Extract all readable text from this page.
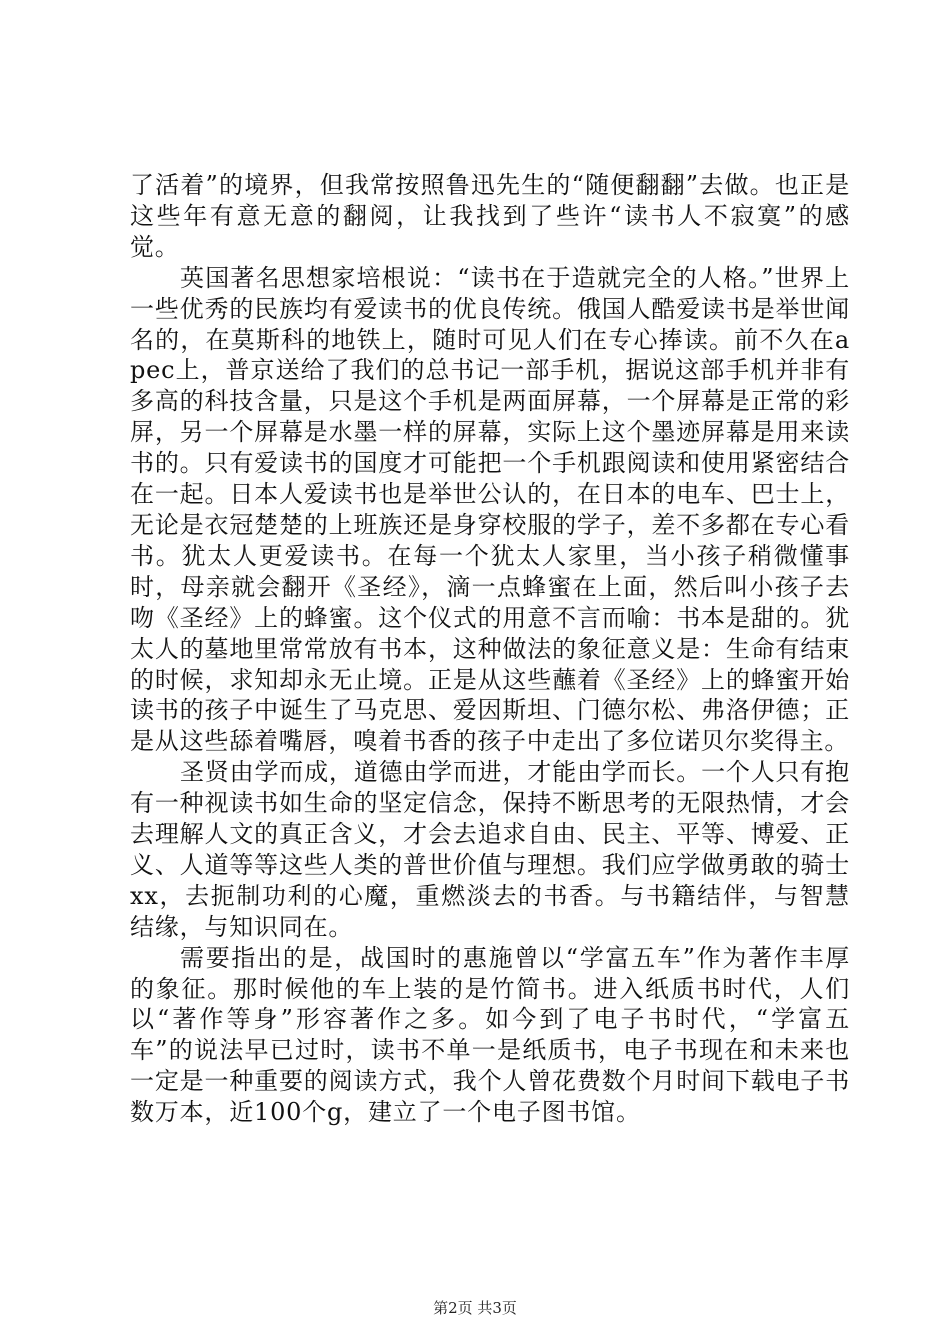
了活着”的境界，但我常按照鲁迅先生的“随便翻翻”去做。也正是这些年有意无意的翻阅，让我找到了些许“读书人不寂寞”的感觉。

英国著名思想家培根说：“读书在于造就完全的人格。”世界上一些优秀的民族均有爱读书的优良传统。俄国人酷爱读书是举世闻名的，在莫斯科的地铁上，随时可见人们在专心捧读。前不久在apec上，普京送给了我们的总书记一部手机，据说这部手机并非有多高的科技含量，只是这个手机是两面屏幕，一个屏幕是正常的彩屏，另一个屏幕是水墨一样的屏幕，实际上这个墨迹屏幕是用来读书的。只有爱读书的国度才可能把一个手机跟阅读和使用紧密结合在一起。日本人爱读书也是举世公认的，在日本的电车、巴士上，无论是衣冠楚楚的上班族还是身穿校服的学子，差不多都在专心看书。犹太人更爱读书。在每一个犹太人家里，当小孩子稍微懂事时，母亲就会翻开《圣经》，滴一点蜂蜜在上面，然后叫小孩子去吻《圣经》上的蜂蜜。这个仪式的用意不言而喻：书本是甜的。犹太人的墓地里常常放有书本，这种做法的象征意义是：生命有结束的时候，求知却永无止境。正是从这些蘸着《圣经》上的蜂蜜开始读书的孩子中诞生了马克思、爱因斯坦、门德尔松、弗洛伊德；正是从这些舔着嘴唇，嗅着书香的孩子中走出了多位诺贝尔奖得主。

圣贤由学而成，道德由学而进，才能由学而长。一个人只有抱有一种视读书如生命的坚定信念，保持不断思考的无限热情，才会去理解人文的真正含义，才会去追求自由、民主、平等、博爱、正义、人道等等这些人类的普世价值与理想。我们应学做勇敢的骑士xx，去扼制功利的心魔，重燃淡去的书香。与书籍结伴，与智慧结缘，与知识同在。

需要指出的是，战国时的惠施曾以“学富五车”作为著作丰厚的象征。那时候他的车上装的是竹简书。进入纸质书时代，人们以“著作等身”形容著作之多。如今到了电子书时代，“学富五车”的说法早已过时，读书不单一是纸质书，电子书现在和未来也一定是一种重要的阅读方式，我个人曾花费数个月时间下载电子书数万本，近100个g，建立了一个电子图书馆。

第2页 共3页
